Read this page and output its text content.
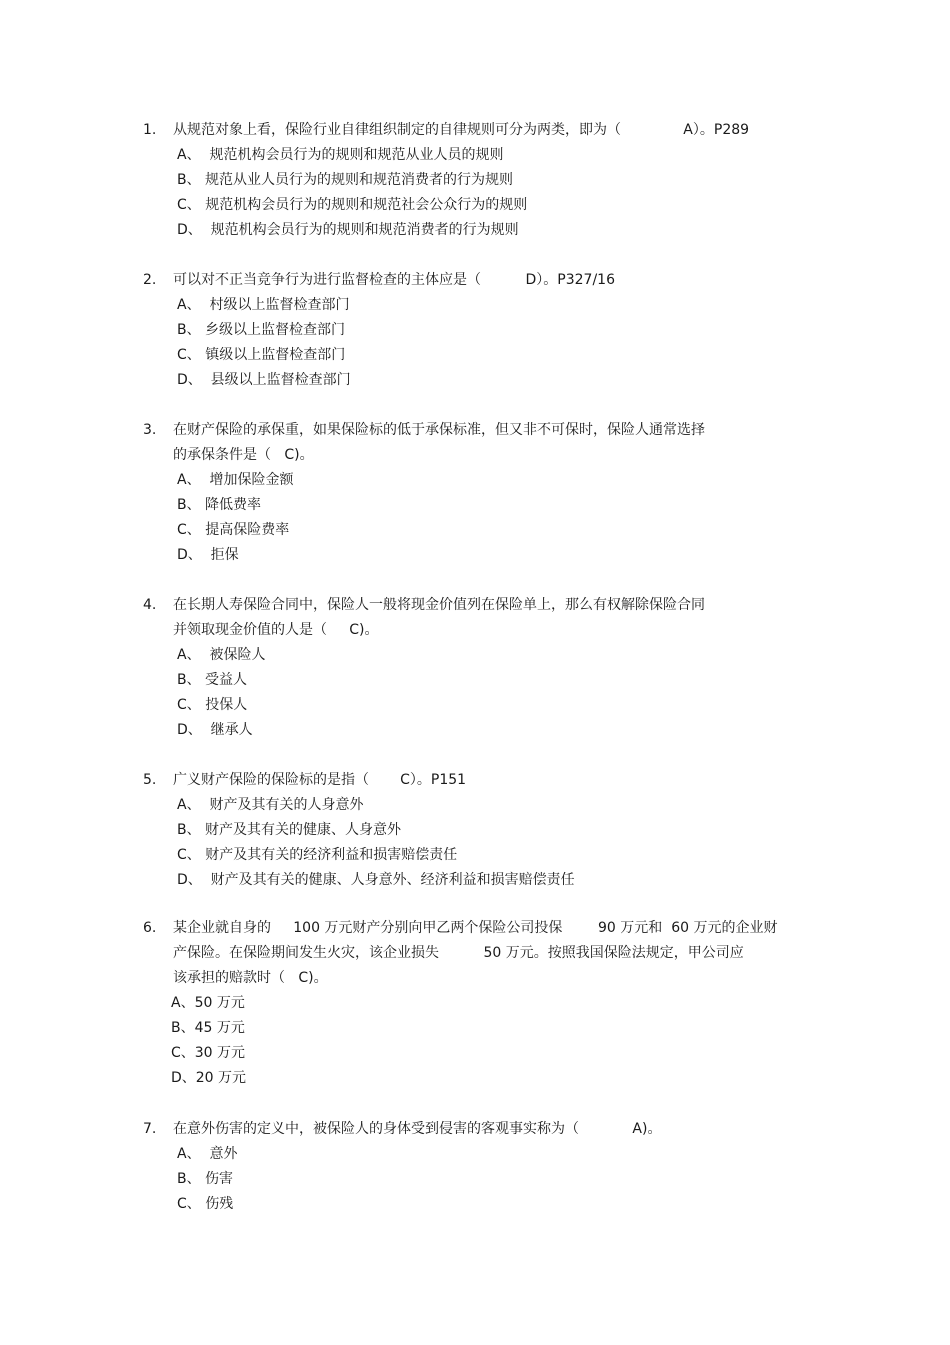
1.	从规范对象上看，保险行业自律组织制定的自律规则可分为两类，即为（              A）。P289
A、  规范机构会员行为的规则和规范从业人员的规则
B、 规范从业人员行为的规则和规范消费者的行为规则
C、 规范机构会员行为的规则和规范社会公众行为的规则
D、  规范机构会员行为的规则和规范消费者的行为规则
2.	可以对不正当竞争行为进行监督检查的主体应是（          D）。P327/16
A、  村级以上监督检查部门
B、 乡级以上监督检查部门
C、 镇级以上监督检查部门
D、  县级以上监督检查部门
3.	在财产保险的承保重，如果保险标的低于承保标准，但又非不可保时，保险人通常选择
的承保条件是（   C)。
A、  增加保险金额
B、 降低费率
C、 提高保险费率
D、  拒保
4.	在长期人寿保险合同中，保险人一般将现金价值列在保险单上，那么有权解除保险合同
并领取现金价值的人是（     C)。
A、  被保险人
B、 受益人
C、 投保人
D、  继承人
5.	广义财产保险的保险标的是指（       C）。P151
A、  财产及其有关的人身意外
B、 财产及其有关的健康、人身意外
C、 财产及其有关的经济利益和损害赔偿责任
D、  财产及其有关的健康、人身意外、经济利益和损害赔偿责任
6.	某企业就自身的     100 万元财产分别向甲乙两个保险公司投保        90 万元和  60 万元的企业财
产保险。在保险期间发生火灾，该企业损失          50 万元。按照我国保险法规定，甲公司应
该承担的赔款时（   C)。
A、50 万元
B、45 万元
C、30 万元
D、20 万元
7.	在意外伤害的定义中，被保险人的身体受到侵害的客观事实称为（            A)。
A、  意外
B、 伤害
C、 伤残
